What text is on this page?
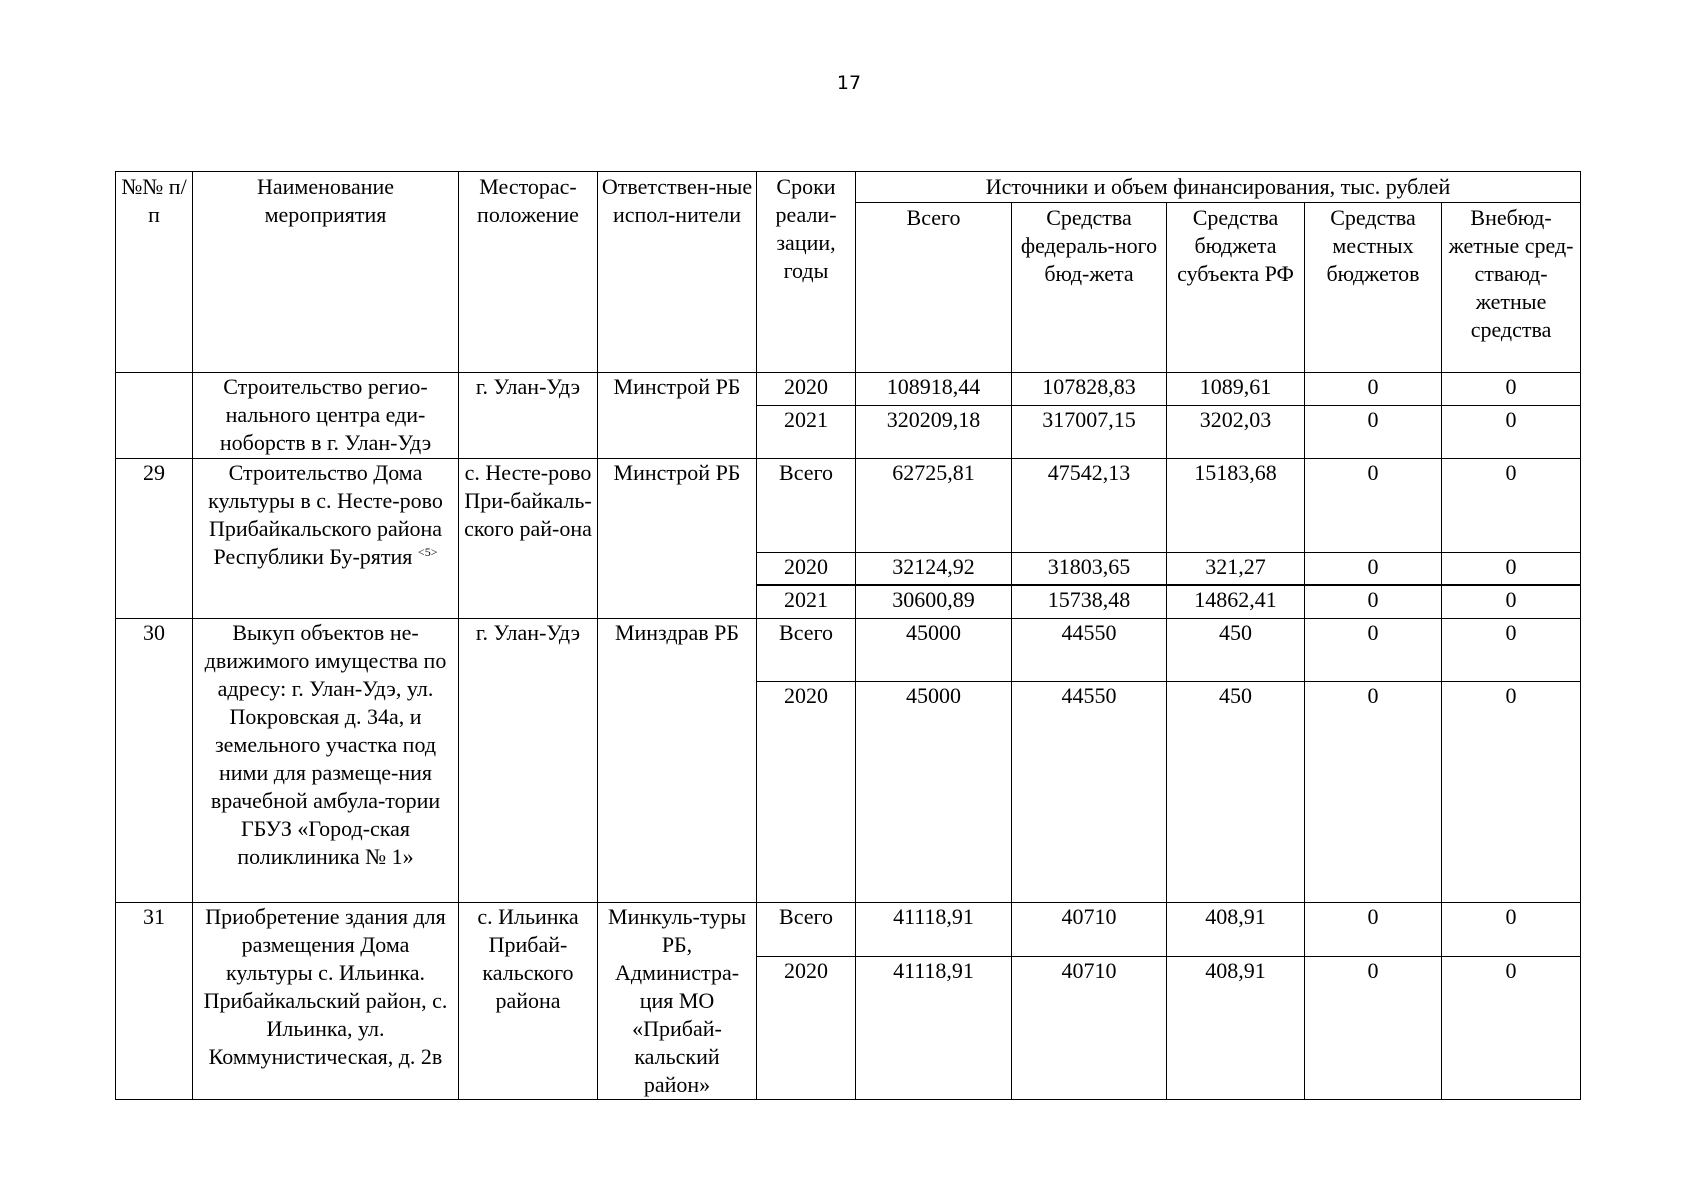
17
№№ п/п	Наименование мероприятия	Месторас-положение	Ответствен-ные испол-нители	Сроки реали-зации, годы	Источники и объем финансирования, тыс. рублей				
					Всего	Средства федераль-ного бюд-жета	Средства бюджета субъекта РФ	Средства местных бюджетов	Внебюд-жетные сред-стваюд-жетные средства
	Строительство регио-нального центра еди-ноборств в г. Улан-Удэ	г. Улан-Удэ	Минстрой РБ	2020	108918,44	107828,83	1089,61	0	0
				2021	320209,18	317007,15	3202,03	0	0
29	Строительство Дома культуры в с. Несте-рово Прибайкальского района Республики Бу-рятия $^{<5>}$	с. Несте-рово При-байкаль-ского рай-она	Минстрой РБ	Всего	62725,81	47542,13	15183,68	0	0
				2020	32124,92	31803,65	321,27	0	0
				2021	30600,89	15738,48	14862,41	0	0
30	Выкуп объектов не-движимого имущества по адресу: г. Улан-Удэ, ул. Покровская д. 34а, и земельного участка под ними для размеще-ния врачебной амбула-тории ГБУЗ «Город-ская поликлиника № 1»	г. Улан-Удэ	Минздрав РБ	Всего	45000	44550	450	0	0
				2020	45000	44550	450	0	0
31	Приобретение здания для размещения Дома культуры с. Ильинка. Прибайкальский район, с. Ильинка, ул. Коммунистическая, д. 2в	с. Ильинка Прибай-кальского района	Минкуль-туры РБ, Администра-ция МО «Прибай-кальский район»	Всего	41118,91	40710	408,91	0	0
				2020	41118,91	40710	408,91	0	0
